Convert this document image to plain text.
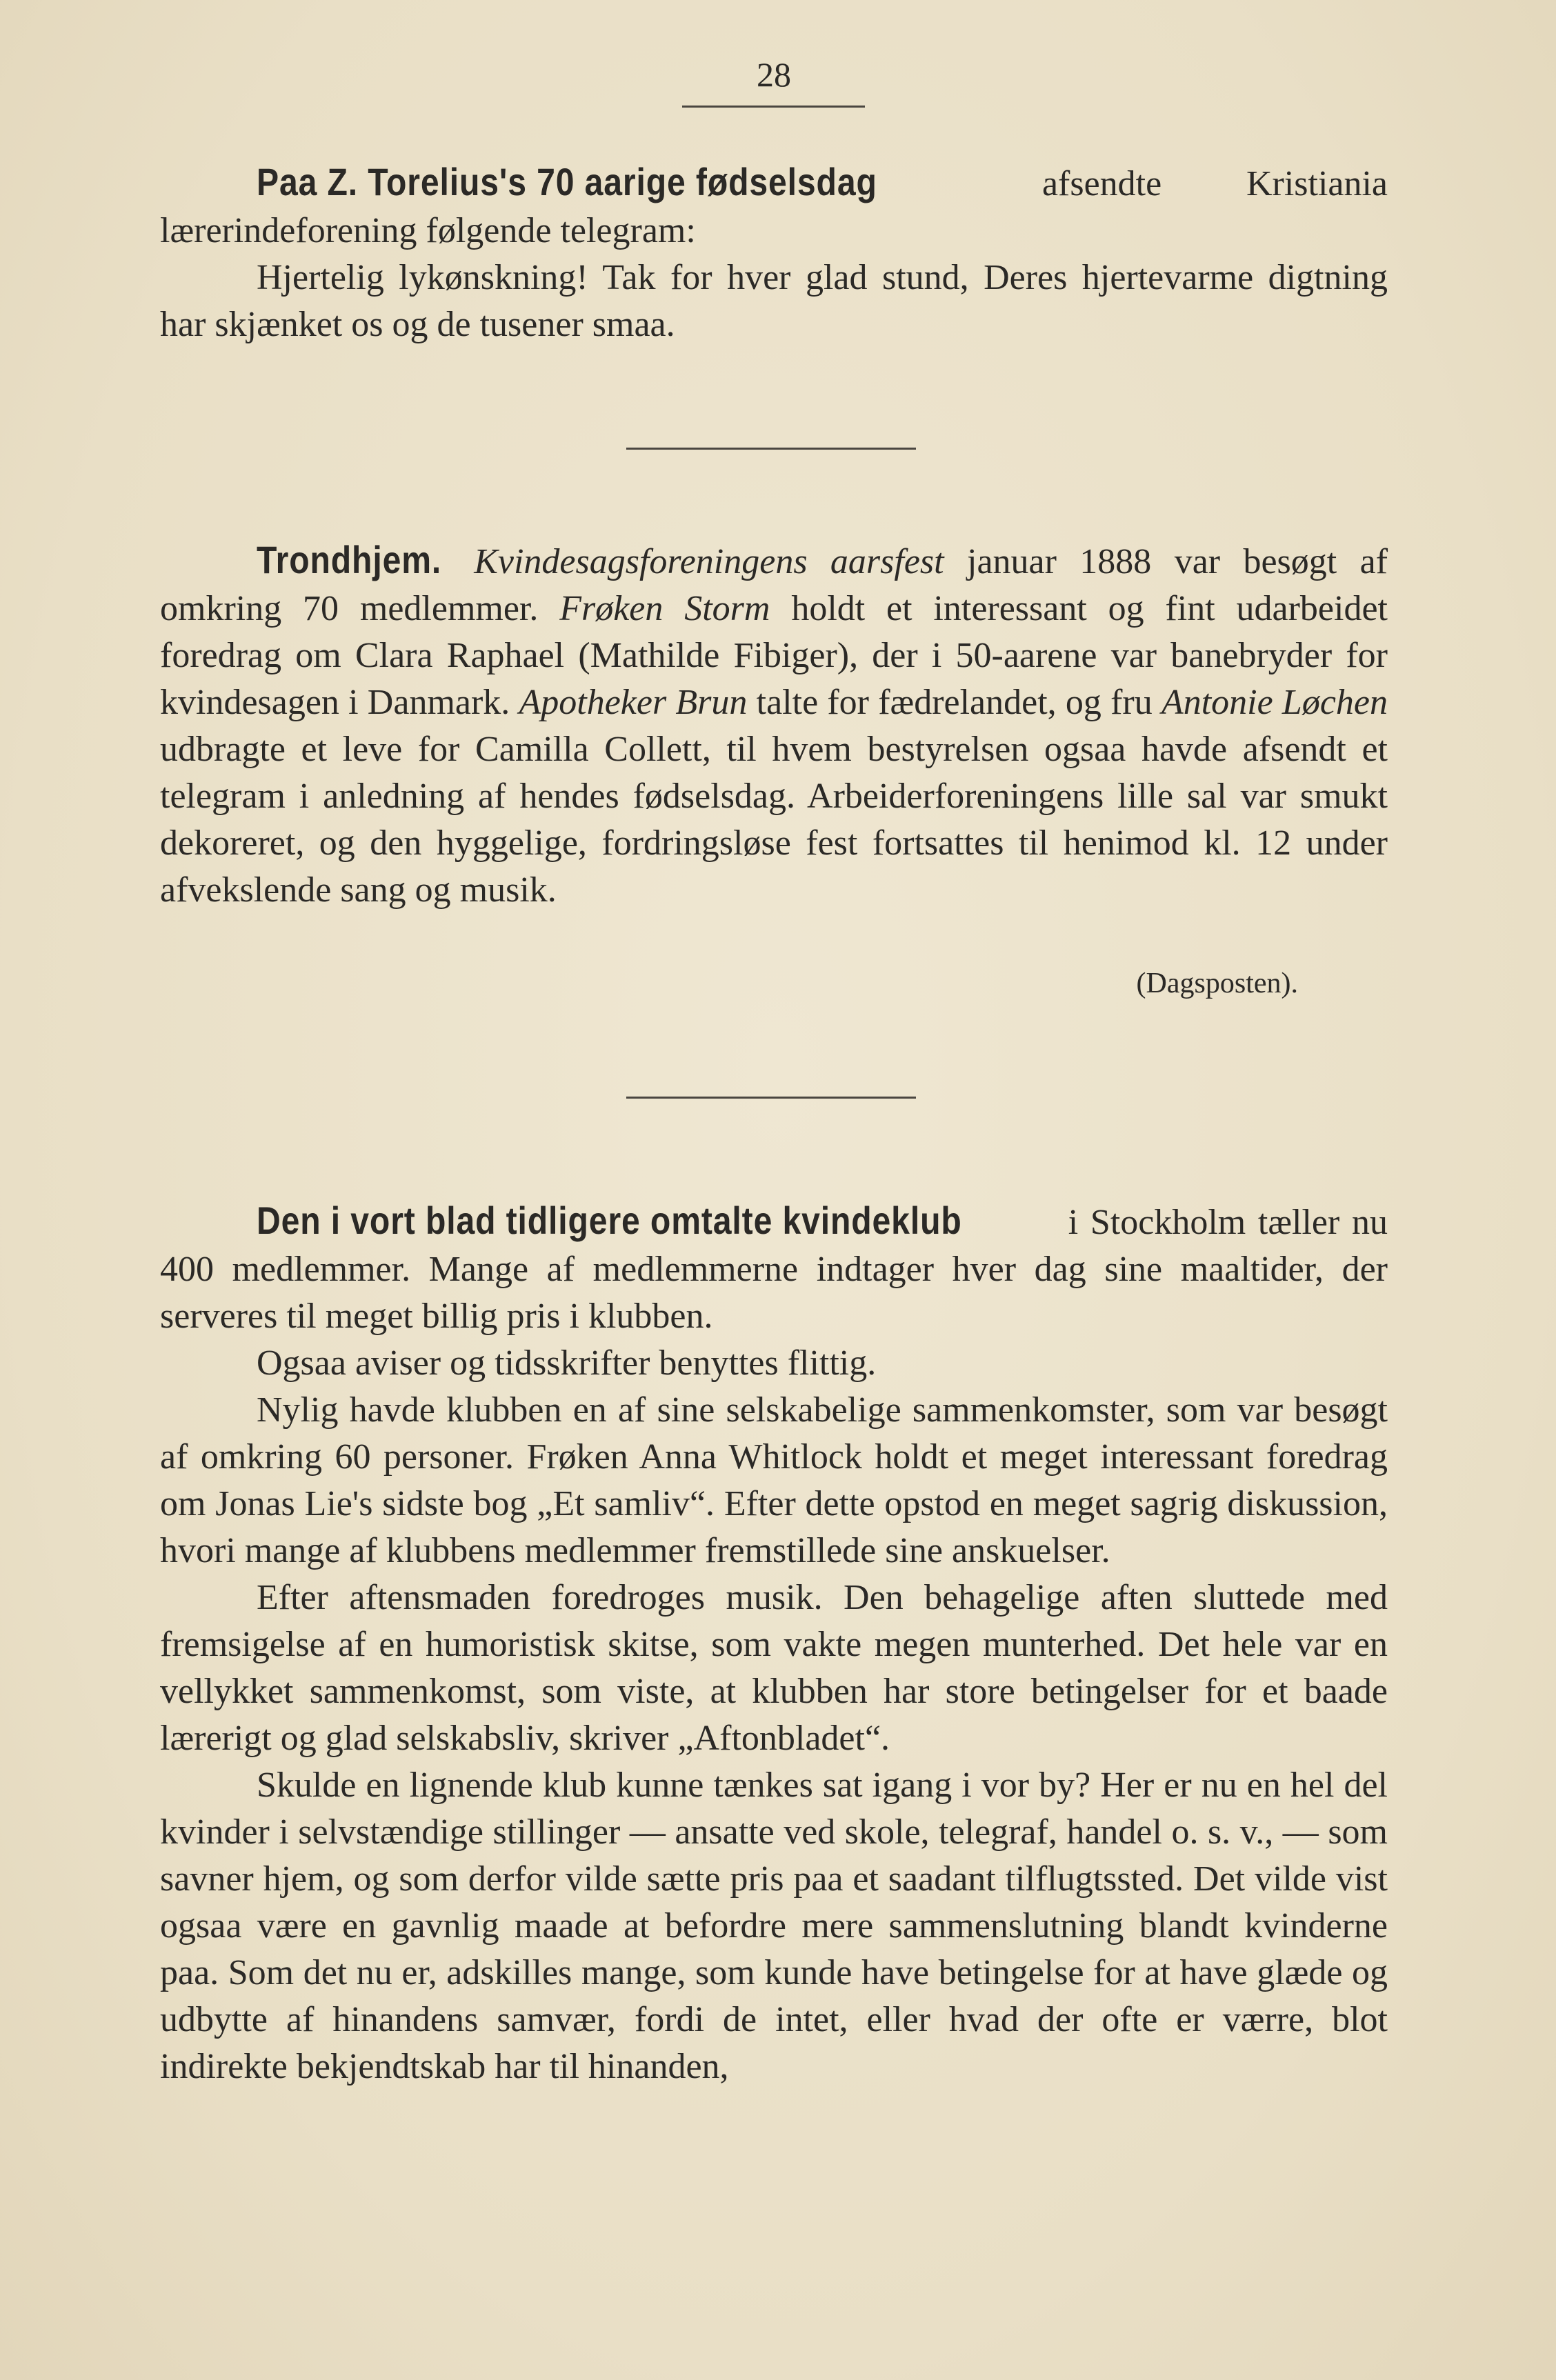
28

Paa Z. Torelius's 70 aarige fødselsdag afsendte Kristiania lærerindeforening følgende telegram:

Hjertelig lykønskning! Tak for hver glad stund, Deres hjertevarme digtning har skjænket os og de tusener smaa.

Trondhjem. Kvindesagsforeningens aarsfest januar 1888 var besøgt af omkring 70 medlemmer. Frøken Storm holdt et interessant og fint udarbeidet foredrag om Clara Raphael (Mathilde Fibiger), der i 50-aarene var banebryder for kvindesagen i Danmark. Apotheker Brun talte for fædrelandet, og fru Antonie Løchen udbragte et leve for Camilla Collett, til hvem bestyrelsen ogsaa havde afsendt et telegram i anledning af hendes fødselsdag. Arbeiderforeningens lille sal var smukt dekoreret, og den hyggelige, fordringsløse fest fortsattes til henimod kl. 12 under afvekslende sang og musik.

(Dagsposten).

Den i vort blad tidligere omtalte kvindeklub	i Stockholm tæller nu 400 medlemmer. Mange af medlemmerne indtager hver dag sine maaltider, der serveres til meget billig pris i klubben.

Ogsaa aviser og tidsskrifter benyttes flittig.

Nylig havde klubben en af sine selskabelige sammenkomster, som var besøgt af omkring 60 personer. Frøken Anna Whitlock holdt et meget interessant foredrag om Jonas Lie's sidste bog „Et samliv“. Efter dette opstod en meget sagrig diskussion, hvori mange af klubbens medlemmer fremstillede sine anskuelser.

Efter aftensmaden foredroges musik. Den behagelige aften sluttede med fremsigelse af en humoristisk skitse, som vakte megen munterhed. Det hele var en vellykket sammenkomst, som viste, at klubben har store betingelser for et baade lærerigt og glad selskabsliv, skriver „Aftonbladet“.

Skulde en lignende klub kunne tænkes sat igang i vor by? Her er nu en hel del kvinder i selvstændige stillinger — ansatte ved skole, telegraf, handel o. s. v., — som savner hjem, og som derfor vilde sætte pris paa et saadant tilflugtssted. Det vilde vist ogsaa være en gavnlig maade at befordre mere sammenslutning blandt kvinderne paa. Som det nu er, adskilles mange, som kunde have betingelse for at have glæde og udbytte af hinandens samvær, fordi de intet, eller hvad der ofte er værre, blot indirekte bekjendtskab har til hinanden,
